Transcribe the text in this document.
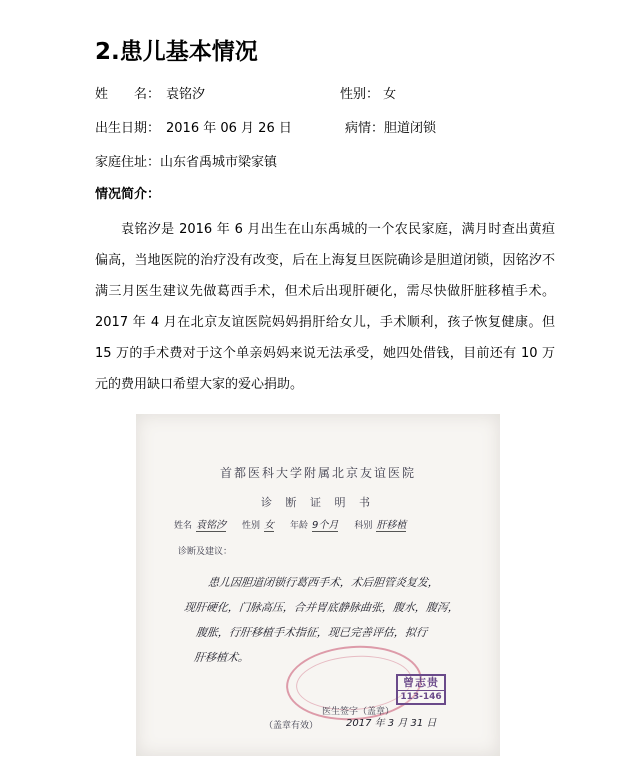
2.患儿基本情况
姓 名： 袁铭汐	性别： 女
出生日期： 2016 年 06 月 26 日	病情：胆道闭锁
家庭住址：山东省禹城市梁家镇
情况简介：

袁铭汐是 2016 年 6 月出生在山东禹城的一个农民家庭，满月时查出黄疸偏高，当地医院的治疗没有改变，后在上海复旦医院确诊是胆道闭锁，因铭汐不满三月医生建议先做葛西手术，但术后出现肝硬化，需尽快做肝脏移植手术。2017 年 4 月在北京友谊医院妈妈捐肝给女儿，手术顺利，孩子恢复健康。但 15 万的手术费对于这个单亲妈妈来说无法承受，她四处借钱，目前还有 10 万元的费用缺口希望大家的爱心捐助。

首都医科大学附属北京友谊医院
诊 断 证 明 书
姓名 袁铭汐 性别 女 年龄 9个月 科别 肝移植
诊断及建议：
患儿因胆道闭锁行葛西手术，术后胆管炎复发，
现肝硬化，门脉高压，合并胃底静脉曲张，腹水，腹泻，
腹胀，行肝移植手术指征，现已完善评估，拟行
肝移植术。
医生签字（盖章）
曾志贵
113-146
2017 年 3 月 31 日
（盖章有效）
